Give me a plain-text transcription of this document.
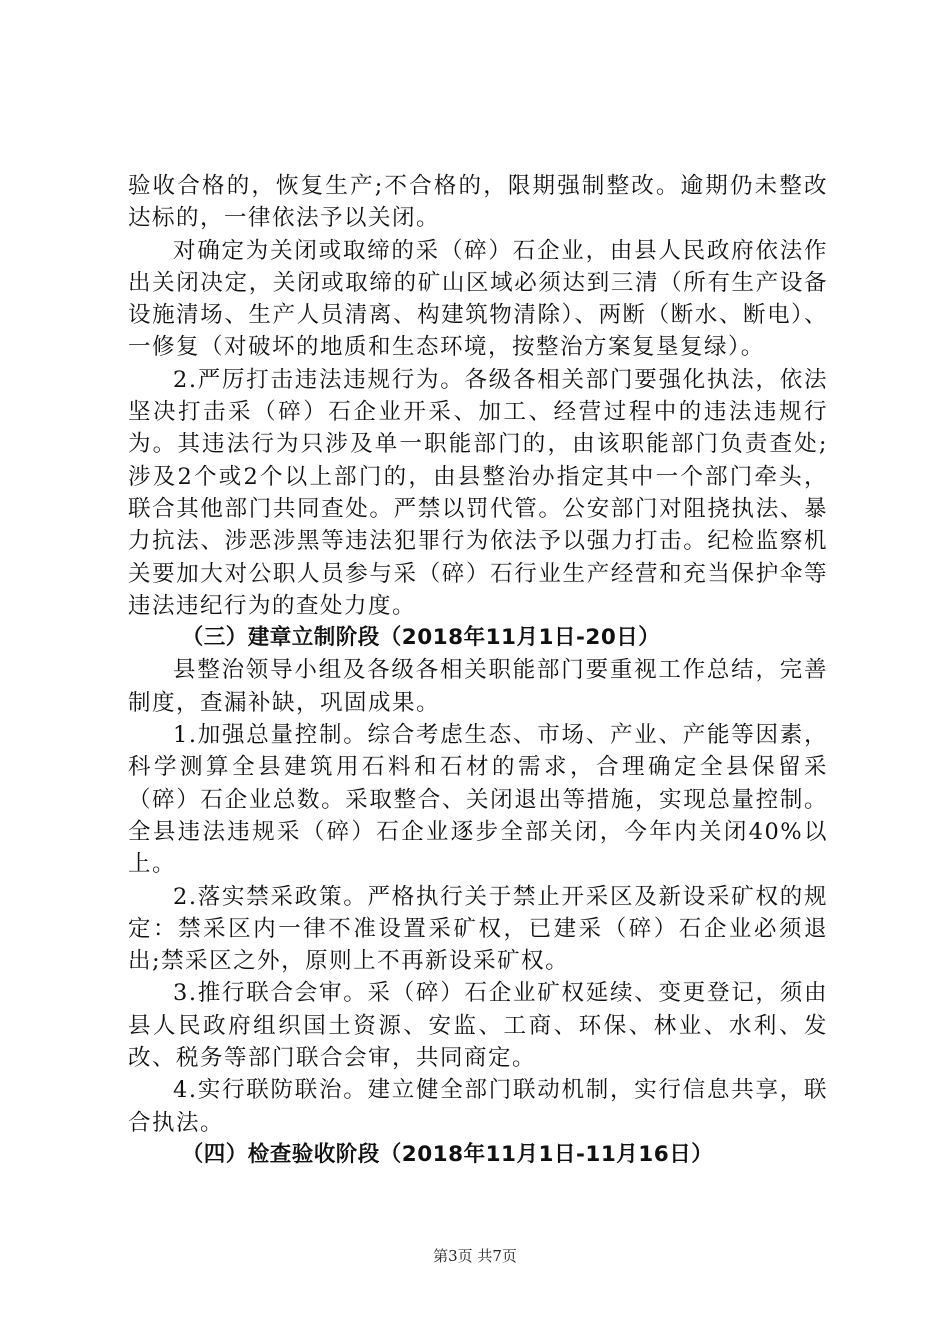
验收合格的，恢复生产;不合格的，限期强制整改。逾期仍未整改达标的，一律依法予以关闭。

对确定为关闭或取缔的采（碎）石企业，由县人民政府依法作出关闭决定，关闭或取缔的矿山区域必须达到三清（所有生产设备设施清场、生产人员清离、构建筑物清除）、两断（断水、断电）、一修复（对破坏的地质和生态环境，按整治方案复垦复绿）。

2.严厉打击违法违规行为。各级各相关部门要强化执法，依法坚决打击采（碎）石企业开采、加工、经营过程中的违法违规行为。其违法行为只涉及单一职能部门的，由该职能部门负责查处;涉及2个或2个以上部门的，由县整治办指定其中一个部门牵头，联合其他部门共同查处。严禁以罚代管。公安部门对阻挠执法、暴力抗法、涉恶涉黑等违法犯罪行为依法予以强力打击。纪检监察机关要加大对公职人员参与采（碎）石行业生产经营和充当保护伞等违法违纪行为的查处力度。

（三）建章立制阶段（2018年11月1日-20日）

县整治领导小组及各级各相关职能部门要重视工作总结，完善制度，查漏补缺，巩固成果。

1.加强总量控制。综合考虑生态、市场、产业、产能等因素，科学测算全县建筑用石料和石材的需求，合理确定全县保留采（碎）石企业总数。采取整合、关闭退出等措施，实现总量控制。全县违法违规采（碎）石企业逐步全部关闭，今年内关闭40%以上。

2.落实禁采政策。严格执行关于禁止开采区及新设采矿权的规定：禁采区内一律不准设置采矿权，已建采（碎）石企业必须退出;禁采区之外，原则上不再新设采矿权。

3.推行联合会审。采（碎）石企业矿权延续、变更登记，须由县人民政府组织国土资源、安监、工商、环保、林业、水利、发改、税务等部门联合会审，共同商定。

4.实行联防联治。建立健全部门联动机制，实行信息共享，联合执法。

（四）检查验收阶段（2018年11月1日-11月16日）

第3页 共7页
